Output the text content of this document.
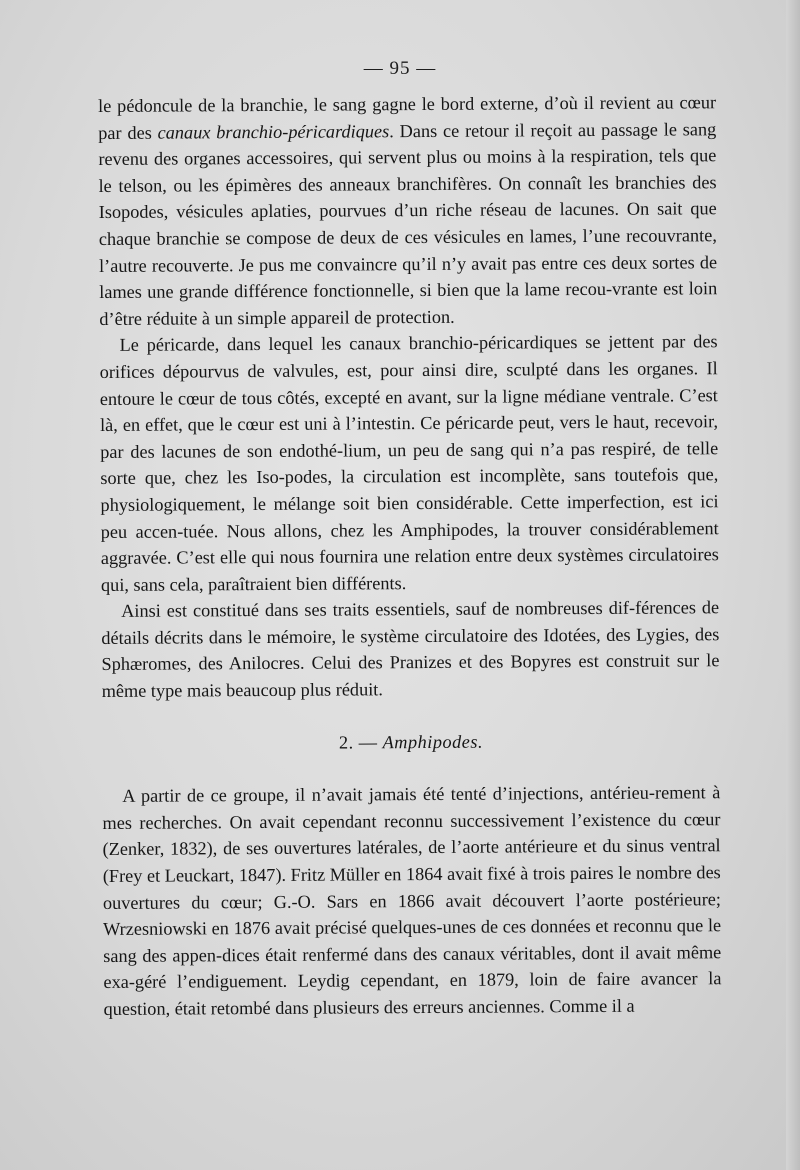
— 95 —

le pédoncule de la branchie, le sang gagne le bord externe, d’où il revient au cœur par des canaux branchio-péricardiques. Dans ce retour il reçoit au passage le sang revenu des organes accessoires, qui servent plus ou moins à la respiration, tels que le telson, ou les épimères des anneaux branchifères. On connaît les branchies des Isopodes, vésicules aplaties, pourvues d’un riche réseau de lacunes. On sait que chaque branchie se compose de deux de ces vésicules en lames, l’une recouvrante, l’autre recouverte. Je pus me convaincre qu’il n’y avait pas entre ces deux sortes de lames une grande différence fonctionnelle, si bien que la lame recou-vrante est loin d’être réduite à un simple appareil de protection.

Le péricarde, dans lequel les canaux branchio-péricardiques se jettent par des orifices dépourvus de valvules, est, pour ainsi dire, sculpté dans les organes. Il entoure le cœur de tous côtés, excepté en avant, sur la ligne médiane ventrale. C’est là, en effet, que le cœur est uni à l’intestin. Ce péricarde peut, vers le haut, recevoir, par des lacunes de son endothé-lium, un peu de sang qui n’a pas respiré, de telle sorte que, chez les Iso-podes, la circulation est incomplète, sans toutefois que, physiologiquement, le mélange soit bien considérable. Cette imperfection, est ici peu accen-tuée. Nous allons, chez les Amphipodes, la trouver considérablement aggravée. C’est elle qui nous fournira une relation entre deux systèmes circulatoires qui, sans cela, paraîtraient bien différents.

Ainsi est constitué dans ses traits essentiels, sauf de nombreuses dif-férences de détails décrits dans le mémoire, le système circulatoire des Idotées, des Lygies, des Sphæromes, des Anilocres. Celui des Pranizes et des Bopyres est construit sur le même type mais beaucoup plus réduit.

2. — Amphipodes.

A partir de ce groupe, il n’avait jamais été tenté d’injections, antérieu-rement à mes recherches. On avait cependant reconnu successivement l’existence du cœur (Zenker, 1832), de ses ouvertures latérales, de l’aorte antérieure et du sinus ventral (Frey et Leuckart, 1847). Fritz Müller en 1864 avait fixé à trois paires le nombre des ouvertures du cœur; G.-O. Sars en 1866 avait découvert l’aorte postérieure; Wrzesniowski en 1876 avait précisé quelques-unes de ces données et reconnu que le sang des appen-dices était renfermé dans des canaux véritables, dont il avait même exa-géré l’endiguement. Leydig cependant, en 1879, loin de faire avancer la question, était retombé dans plusieurs des erreurs anciennes. Comme il a
